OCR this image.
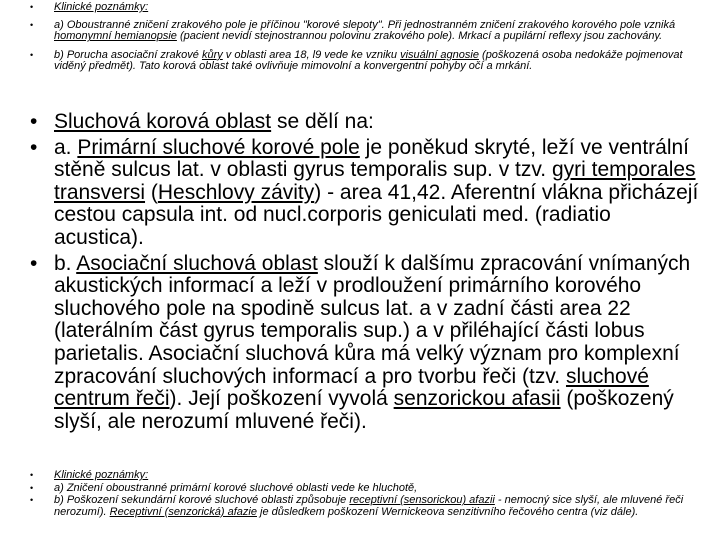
• Klinické poznámky:
• a) Oboustranné zničení zrakového pole je příčinou "korové slepoty". Při jednostranném zničení zrakového korového pole vzniká homonymní hemianopsie (pacient nevidí stejnostrannou polovinu zrakového pole). Mrkací a pupilární reflexy jsou zachovány.
• b) Porucha asociační zrakové kůry v oblasti area 18, l9 vede ke vzniku visuální agnosie (poškozená osoba nedokáže pojmenovat viděný předmět). Tato korová oblast také ovlivňuje mimovolní a konvergentní pohyby očí a mrkání.
• Sluchová korová oblast se dělí na:
• a. Primární sluchové korové pole je poněkud skryté, leží ve ventrální stěně sulcus lat. v oblasti gyrus temporalis sup. v tzv. gyri temporales transversi (Heschlovy závity) - area 41,42. Aferentní vlákna přicházejí cestou capsula int. od nucl.corporis geniculati med. (radiatio acustica).
• b. Asociační sluchová oblast slouží k dalšímu zpracování vnímaných akustických informací a leží v prodloužení primárního korového sluchového pole na spodině sulcus lat. a v zadní části area 22 (laterálním část gyrus temporalis sup.) a v přiléhající části lobus parietalis. Asociační sluchová kůra má velký význam pro komplexní zpracování sluchových informací a pro tvorbu řeči (tzv. sluchové centrum řeči). Její poškození vyvolá senzorickou afasii (poškozený slyší, ale nerozumí mluvené řeči).
• Klinické poznámky:
• a) Zničení oboustranné primární korové sluchové oblasti vede ke hluchotě,
• b) Poškození sekundární korové sluchové oblasti způsobuje receptivní (sensorickou) afazii - nemocný sice slyší, ale mluvené řeči nerozumí). Receptivní (senzorická) afazie je důsledkem poškození Wernickeova senzitivního řečového centra (viz dále).
